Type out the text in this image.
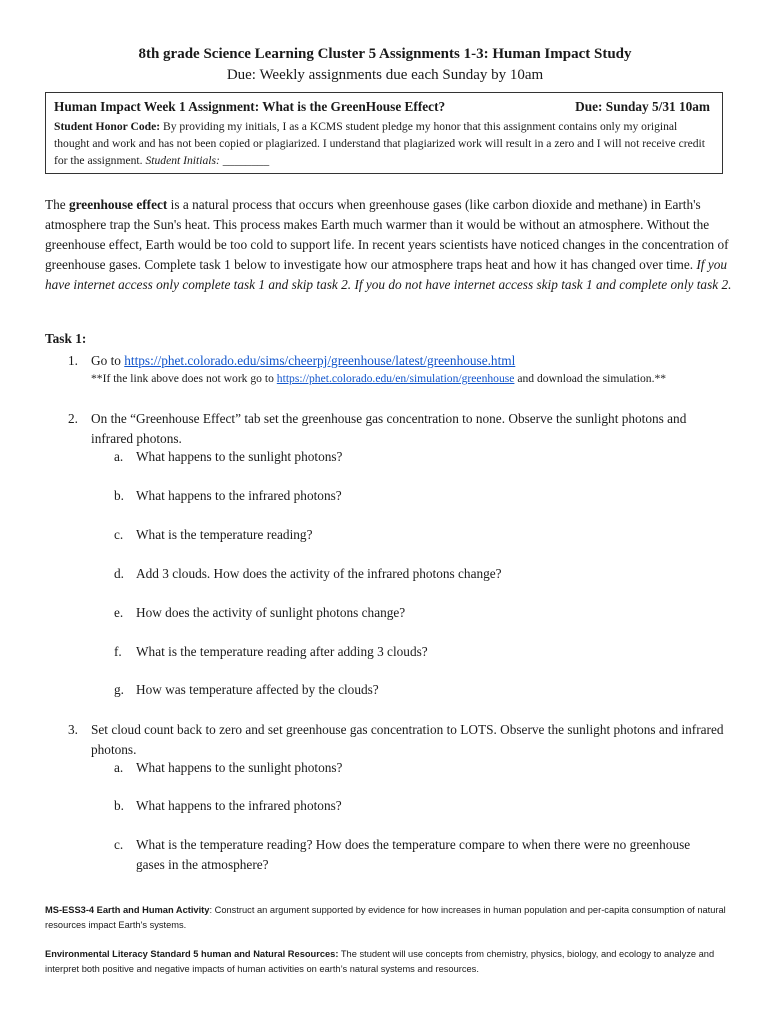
8th grade Science Learning Cluster 5 Assignments 1-3: Human Impact Study
Due: Weekly assignments due each Sunday by 10am
Human Impact Week 1 Assignment: What is the GreenHouse Effect?	Due: Sunday 5/31 10am
Student Honor Code: By providing my initials, I as a KCMS student pledge my honor that this assignment contains only my original thought and work and has not been copied or plagiarized. I understand that plagiarized work will result in a zero and I will not receive credit for the assignment. Student Initials: ________
The greenhouse effect is a natural process that occurs when greenhouse gases (like carbon dioxide and methane) in Earth's atmosphere trap the Sun's heat. This process makes Earth much warmer than it would be without an atmosphere. Without the greenhouse effect, Earth would be too cold to support life. In recent years scientists have noticed changes in the concentration of greenhouse gases. Complete task 1 below to investigate how our atmosphere traps heat and how it has changed over time. If you have internet access only complete task 1 and skip task 2. If you do not have internet access skip task 1 and complete only task 2.
Task 1:
1. Go to https://phet.colorado.edu/sims/cheerpj/greenhouse/latest/greenhouse.html
**If the link above does not work go to https://phet.colorado.edu/en/simulation/greenhouse and download the simulation.**
2. On the “Greenhouse Effect” tab set the greenhouse gas concentration to none. Observe the sunlight photons and infrared photons.
a. What happens to the sunlight photons?
b. What happens to the infrared photons?
c. What is the temperature reading?
d. Add 3 clouds. How does the activity of the infrared photons change?
e. How does the activity of sunlight photons change?
f.	What is the temperature reading after adding 3 clouds?
g. How was temperature affected by the clouds?
3. Set cloud count back to zero and set greenhouse gas concentration to LOTS. Observe the sunlight photons and infrared photons.
a. What happens to the sunlight photons?
b. What happens to the infrared photons?
c. What is the temperature reading? How does the temperature compare to when there were no greenhouse
gases in the atmosphere?
MS-ESS3-4 Earth and Human Activity: Construct an argument supported by evidence for how increases in human population and per-capita consumption of natural resources impact Earth's systems.
Environmental Literacy Standard 5 human and Natural Resources: The student will use concepts from chemistry, physics, biology, and ecology to analyze and interpret both positive and negative impacts of human activities on earth’s natural systems and resources.
